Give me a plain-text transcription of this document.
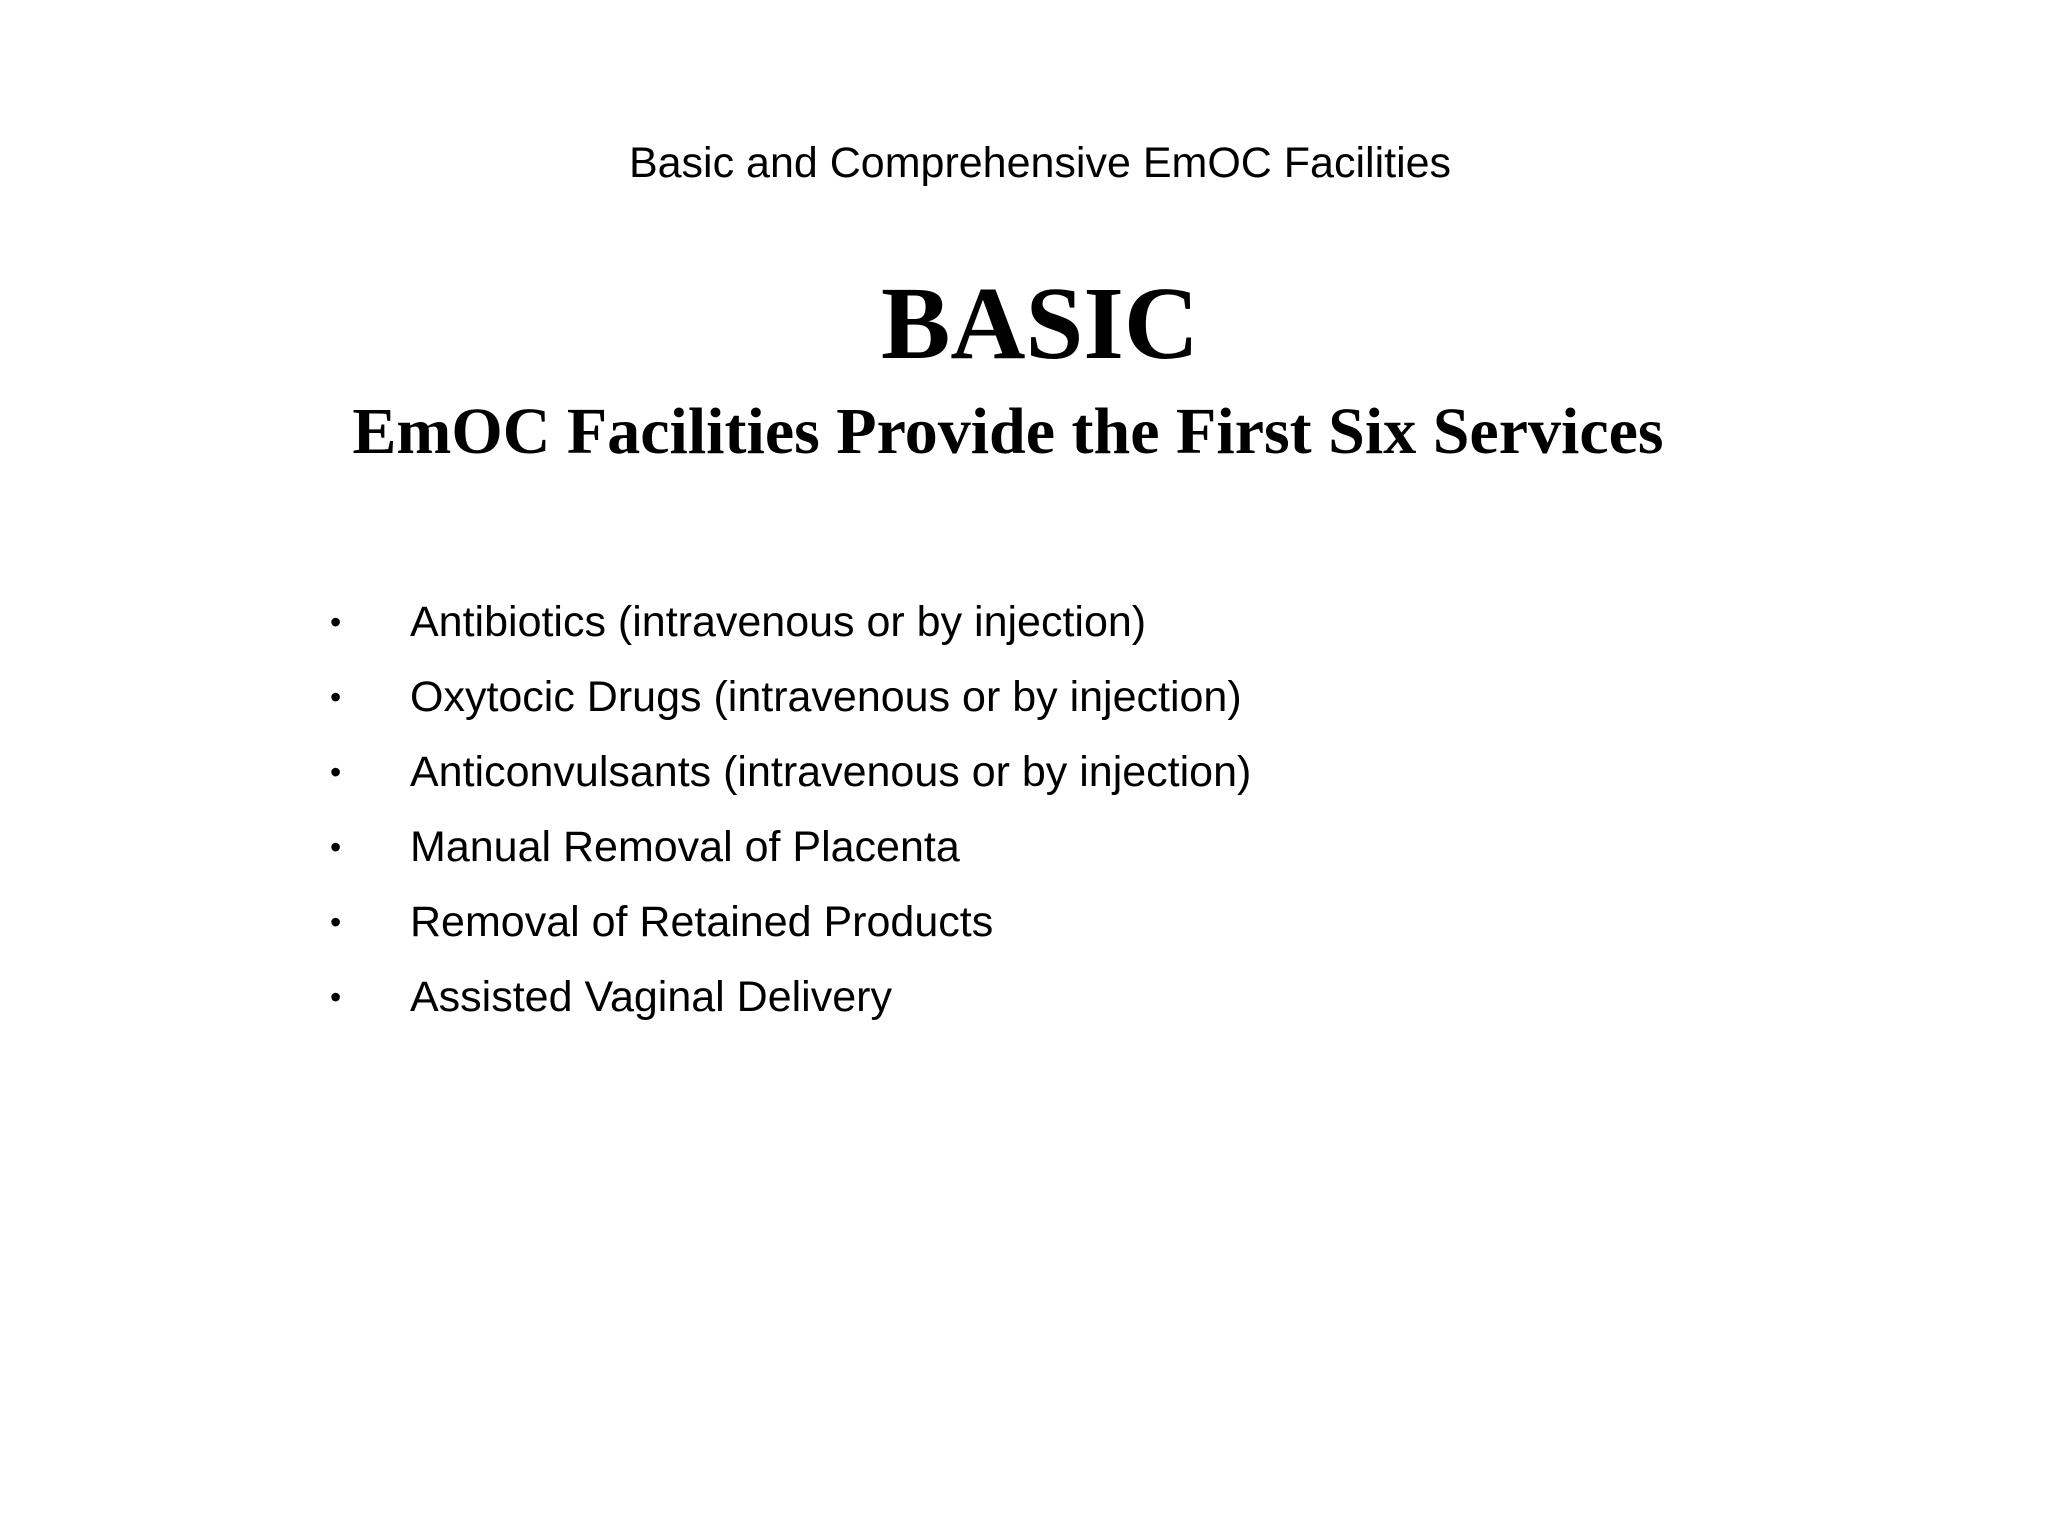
Basic and Comprehensive EmOC Facilities
BASIC
EmOC Facilities Provide the First Six Services
• Antibiotics (intravenous or by injection)
• Oxytocic Drugs (intravenous or by injection)
• Anticonvulsants (intravenous or by injection)
• Manual Removal of Placenta
• Removal of Retained Products
• Assisted Vaginal Delivery
